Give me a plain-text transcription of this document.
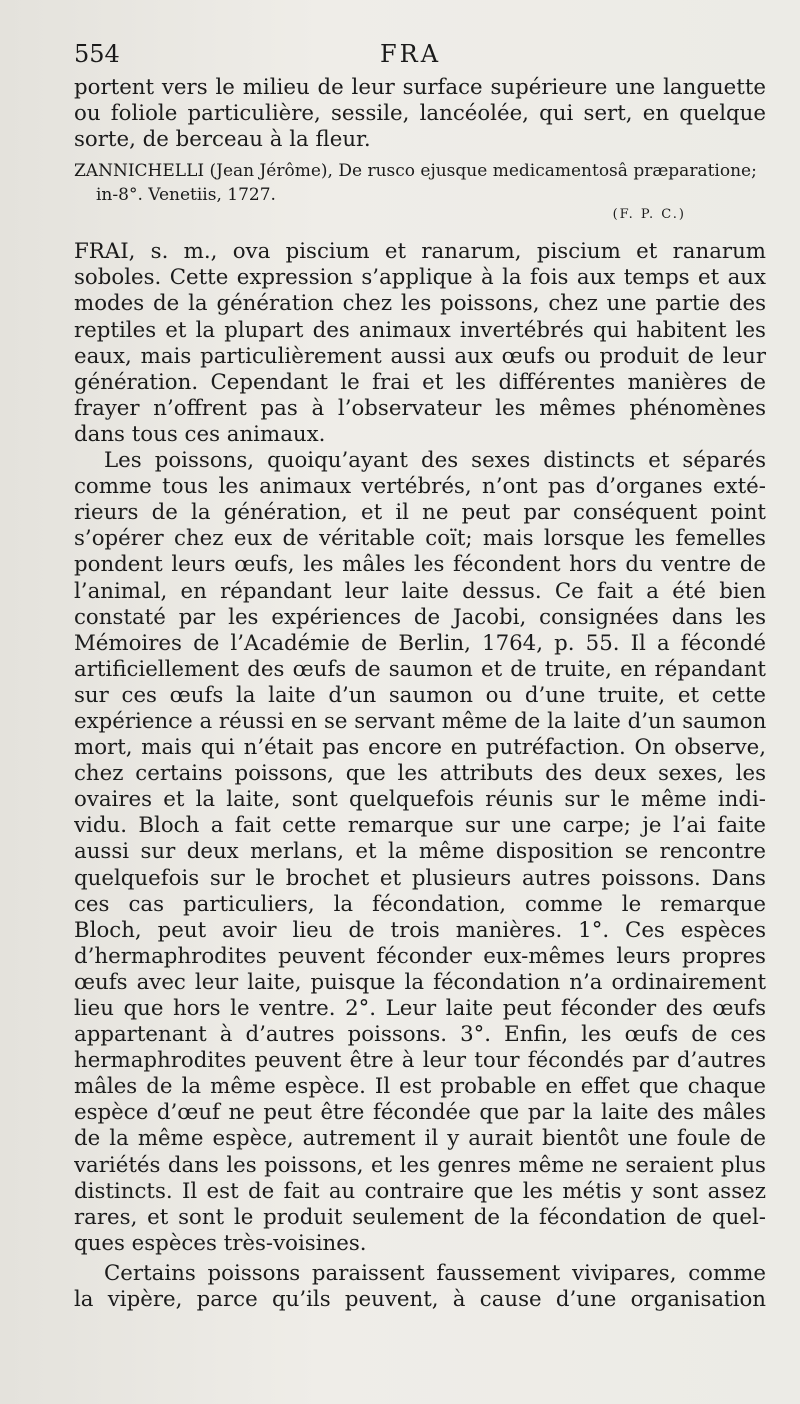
554	FRA
portent vers le milieu de leur surface supérieure une languette
ou foliole particulière, sessile, lancéolée, qui sert, en quelque
sorte, de berceau à la fleur.
ZANNICHELLI (Jean Jérôme), De rusco ejusque medicamentosâ præparatione;
in-8°. Venetiis, 1727.
(F. P. C.)
FRAI, s. m., ova piscium et ranarum, piscium et ranarum
soboles. Cette expression s’applique à la fois aux temps et aux
modes de la génération chez les poissons, chez une partie des
reptiles et la plupart des animaux invertébrés qui habitent les
eaux, mais particulièrement aussi aux œufs ou produit de leur
génération. Cependant le frai et les différentes manières de
frayer n’offrent pas à l’observateur les mêmes phénomènes
dans tous ces animaux.
Les poissons, quoiqu’ayant des sexes distincts et séparés
comme tous les animaux vertébrés, n’ont pas d’organes exté-
rieurs de la génération, et il ne peut par conséquent point
s’opérer chez eux de véritable coït; mais lorsque les femelles
pondent leurs œufs, les mâles les fécondent hors du ventre de
l’animal, en répandant leur laite dessus. Ce fait a été bien
constaté par les expériences de Jacobi, consignées dans les
Mémoires de l’Académie de Berlin, 1764, p. 55. Il a fécondé
artificiellement des œufs de saumon et de truite, en répandant
sur ces œufs la laite d’un saumon ou d’une truite, et cette
expérience a réussi en se servant même de la laite d’un saumon
mort, mais qui n’était pas encore en putréfaction. On observe,
chez certains poissons, que les attributs des deux sexes, les
ovaires et la laite, sont quelquefois réunis sur le même indi-
vidu. Bloch a fait cette remarque sur une carpe; je l’ai faite
aussi sur deux merlans, et la même disposition se rencontre
quelquefois sur le brochet et plusieurs autres poissons. Dans
ces cas particuliers, la fécondation, comme le remarque
Bloch, peut avoir lieu de trois manières. 1°. Ces espèces
d’hermaphrodites peuvent féconder eux-mêmes leurs propres
œufs avec leur laite, puisque la fécondation n’a ordinairement
lieu que hors le ventre. 2°. Leur laite peut féconder des œufs
appartenant à d’autres poissons. 3°. Enfin, les œufs de ces
hermaphrodites peuvent être à leur tour fécondés par d’autres
mâles de la même espèce. Il est probable en effet que chaque
espèce d’œuf ne peut être fécondée que par la laite des mâles
de la même espèce, autrement il y aurait bientôt une foule de
variétés dans les poissons, et les genres même ne seraient plus
distincts. Il est de fait au contraire que les métis y sont assez
rares, et sont le produit seulement de la fécondation de quel-
ques espèces très-voisines.
Certains poissons paraissent faussement vivipares, comme
la vipère, parce qu’ils peuvent, à cause d’une organisation
